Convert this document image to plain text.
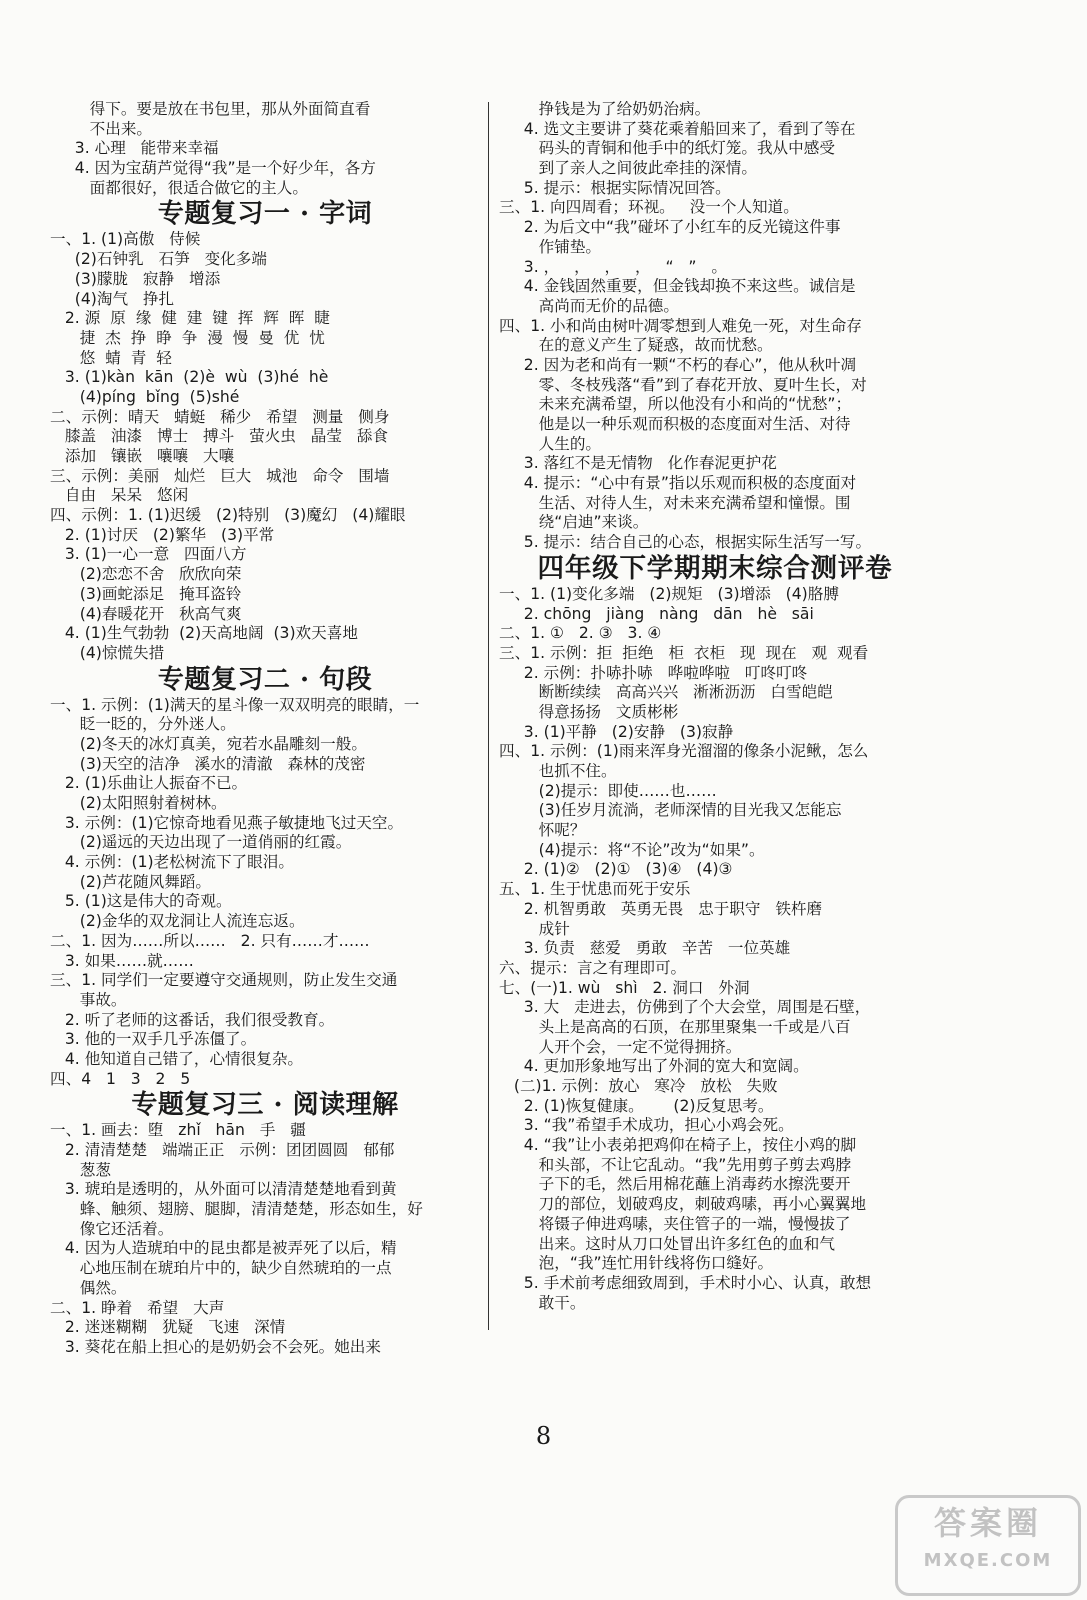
得下。要是放在书包里，那从外面简直看
不出来。
3. 心理   能带来幸福
4. 因为宝葫芦觉得“我”是一个好少年，各方
面都很好，很适合做它的主人。
专题复习一 · 字词
一、1. (1)高傲   侍候
(2)石钟乳   石笋   变化多端
(3)朦胧   寂静   增添
(4)淘气   挣扎
2. 源  原  缘  健  建  键  挥  辉  晖  睫
捷  杰  挣  睁  争  漫  慢  曼  优  忧
悠  蜻  青  轻
3. (1)kàn  kān  (2)è  wù  (3)hé  hè
(4)píng  bǐng  (5)shé
二、示例：晴天   蜻蜓   稀少   希望   测量   侧身
膝盖   油漆   博士   搏斗   萤火虫   晶莹   舔食
添加   镶嵌   嚷嚷   大嚷
三、示例：美丽   灿烂   巨大   城池   命令   围墙
自由   呆呆   悠闲
四、示例：1. (1)迟缓   (2)特别   (3)魔幻   (4)耀眼
2. (1)讨厌   (2)繁华   (3)平常
3. (1)一心一意   四面八方
(2)恋恋不舍   欣欣向荣
(3)画蛇添足   掩耳盗铃
(4)春暖花开   秋高气爽
4. (1)生气勃勃  (2)天高地阔  (3)欢天喜地
(4)惊慌失措
专题复习二 · 句段
一、1. 示例：(1)满天的星斗像一双双明亮的眼睛，一
眨一眨的，分外迷人。
(2)冬天的冰灯真美，宛若水晶雕刻一般。
(3)天空的洁净   溪水的清澈   森林的茂密
2. (1)乐曲让人振奋不已。
(2)太阳照射着树林。
3. 示例：(1)它惊奇地看见燕子敏捷地飞过天空。
(2)遥远的天边出现了一道俏丽的红霞。
4. 示例：(1)老松树流下了眼泪。
(2)芦花随风舞蹈。
5. (1)这是伟大的奇观。
(2)金华的双龙洞让人流连忘返。
二、1. 因为……所以……   2. 只有……才……
3. 如果……就……
三、1. 同学们一定要遵守交通规则，防止发生交通
事故。
2. 听了老师的这番话，我们很受教育。
3. 他的一双手几乎冻僵了。
4. 他知道自己错了，心情很复杂。
四、4   1   3   2   5
专题复习三 · 阅读理解
一、1. 画去：堕   zhǐ   hān   手   疆
2. 清清楚楚   端端正正   示例：团团圆圆   郁郁
葱葱
3. 琥珀是透明的，从外面可以清清楚楚地看到黄
蜂、触须、翅膀、腿脚，清清楚楚，形态如生，好
像它还活着。
4. 因为人造琥珀中的昆虫都是被弄死了以后，精
心地压制在琥珀片中的，缺少自然琥珀的一点
偶然。
二、1. 睁着   希望   大声
2. 迷迷糊糊   犹疑   飞速   深情
3. 葵花在船上担心的是奶奶会不会死。她出来
挣钱是为了给奶奶治病。
4. 选文主要讲了葵花乘着船回来了，看到了等在
码头的青铜和他手中的纸灯笼。我从中感受
到了亲人之间彼此牵挂的深情。
5. 提示：根据实际情况回答。
三、1. 向四周看；环视。   没一个人知道。
2. 为后文中“我”碰坏了小红车的反光镜这件事
作铺垫。
3. ，   ，   ，   ，   “   ”   。
4. 金钱固然重要，但金钱却换不来这些。诚信是
高尚而无价的品德。
四、1. 小和尚由树叶凋零想到人难免一死，对生命存
在的意义产生了疑惑，故而忧愁。
2. 因为老和尚有一颗“不朽的春心”，他从秋叶凋
零、冬枝残落“看”到了春花开放、夏叶生长，对
未来充满希望，所以他没有小和尚的“忧愁”；
他是以一种乐观而积极的态度面对生活、对待
人生的。
3. 落红不是无情物   化作春泥更护花
4. 提示：“心中有景”指以乐观而积极的态度面对
生活、对待人生，对未来充满希望和憧憬。围
绕“启迪”来谈。
5. 提示：结合自己的心态，根据实际生活写一写。
四年级下学期期末综合测评卷
一、1. (1)变化多端   (2)规矩   (3)增添   (4)胳膊
2. chōng   jiàng   nàng   dān   hè   sāi
二、1. ①   2. ③   3. ④
三、1. 示例：拒  拒绝   柜  衣柜   现  现在   观  观看
2. 示例：扑哧扑哧   哗啦哗啦   叮咚叮咚
断断续续   高高兴兴   淅淅沥沥   白雪皑皑
得意扬扬   文质彬彬
3. (1)平静   (2)安静   (3)寂静
四、1. 示例：(1)雨来浑身光溜溜的像条小泥鳅，怎么
也抓不住。
(2)提示：即使……也……
(3)任岁月流淌，老师深情的目光我又怎能忘
怀呢？
(4)提示：将“不论”改为“如果”。
2. (1)②   (2)①   (3)④   (4)③
五、1. 生于忧患而死于安乐
2. 机智勇敢   英勇无畏   忠于职守   铁杵磨
成针
3. 负责   慈爱   勇敢   辛苦   一位英雄
六、提示：言之有理即可。
七、(一)1. wù   shì   2. 洞口   外洞
3. 大   走进去，仿佛到了个大会堂，周围是石壁，
头上是高高的石顶，在那里聚集一千或是八百
人开个会，一定不觉得拥挤。
4. 更加形象地写出了外洞的宽大和宽阔。
(二)1. 示例：放心   寒冷   放松   失败
2. (1)恢复健康。      (2)反复思考。
3. “我”希望手术成功，担心小鸡会死。
4. “我”让小表弟把鸡仰在椅子上，按住小鸡的脚
和头部，不让它乱动。“我”先用剪子剪去鸡脖
子下的毛，然后用棉花蘸上消毒药水擦洗要开
刀的部位，划破鸡皮，刺破鸡嗉，再小心翼翼地
将镊子伸进鸡嗉，夹住管子的一端，慢慢拔了
出来。这时从刀口处冒出许多红色的血和气
泡，“我”连忙用针线将伤口缝好。
5. 手术前考虑细致周到，手术时小心、认真，敢想
敢干。
8
答案圈
MXQE.COM
